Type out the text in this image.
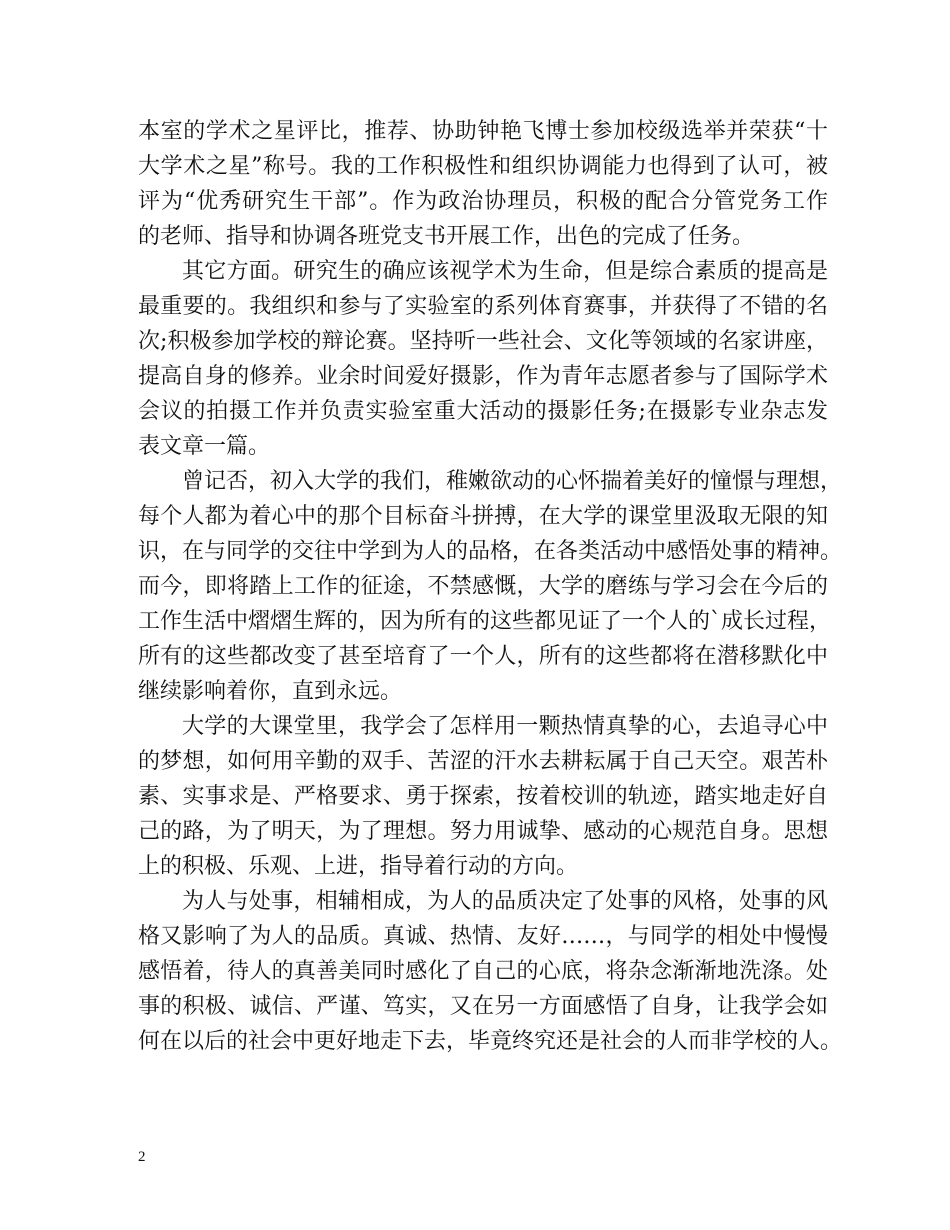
本室的学术之星评比，推荐、协助钟艳飞博士参加校级选举并荣获“十
大学术之星”称号。我的工作积极性和组织协调能力也得到了认可，被
评为“优秀研究生干部”。作为政治协理员，积极的配合分管党务工作
的老师、指导和协调各班党支书开展工作，出色的完成了任务。
其它方面。研究生的确应该视学术为生命，但是综合素质的提高是
最重要的。我组织和参与了实验室的系列体育赛事，并获得了不错的名
次;积极参加学校的辩论赛。坚持听一些社会、文化等领域的名家讲座，
提高自身的修养。业余时间爱好摄影，作为青年志愿者参与了国际学术
会议的拍摄工作并负责实验室重大活动的摄影任务;在摄影专业杂志发
表文章一篇。
曾记否，初入大学的我们，稚嫩欲动的心怀揣着美好的憧憬与理想，
每个人都为着心中的那个目标奋斗拼搏，在大学的课堂里汲取无限的知
识，在与同学的交往中学到为人的品格，在各类活动中感悟处事的精神。
而今，即将踏上工作的征途，不禁感慨，大学的磨练与学习会在今后的
工作生活中熠熠生辉的，因为所有的这些都见证了一个人的`成长过程，
所有的这些都改变了甚至培育了一个人，所有的这些都将在潜移默化中
继续影响着你，直到永远。
大学的大课堂里，我学会了怎样用一颗热情真挚的心，去追寻心中
的梦想，如何用辛勤的双手、苦涩的汗水去耕耘属于自己天空。艰苦朴
素、实事求是、严格要求、勇于探索，按着校训的轨迹，踏实地走好自
己的路，为了明天，为了理想。努力用诚挚、感动的心规范自身。思想
上的积极、乐观、上进，指导着行动的方向。
为人与处事，相辅相成，为人的品质决定了处事的风格，处事的风
格又影响了为人的品质。真诚、热情、友好……，与同学的相处中慢慢
感悟着，待人的真善美同时感化了自己的心底，将杂念渐渐地洗涤。处
事的积极、诚信、严谨、笃实，又在另一方面感悟了自身，让我学会如
何在以后的社会中更好地走下去，毕竟终究还是社会的人而非学校的人。
2
